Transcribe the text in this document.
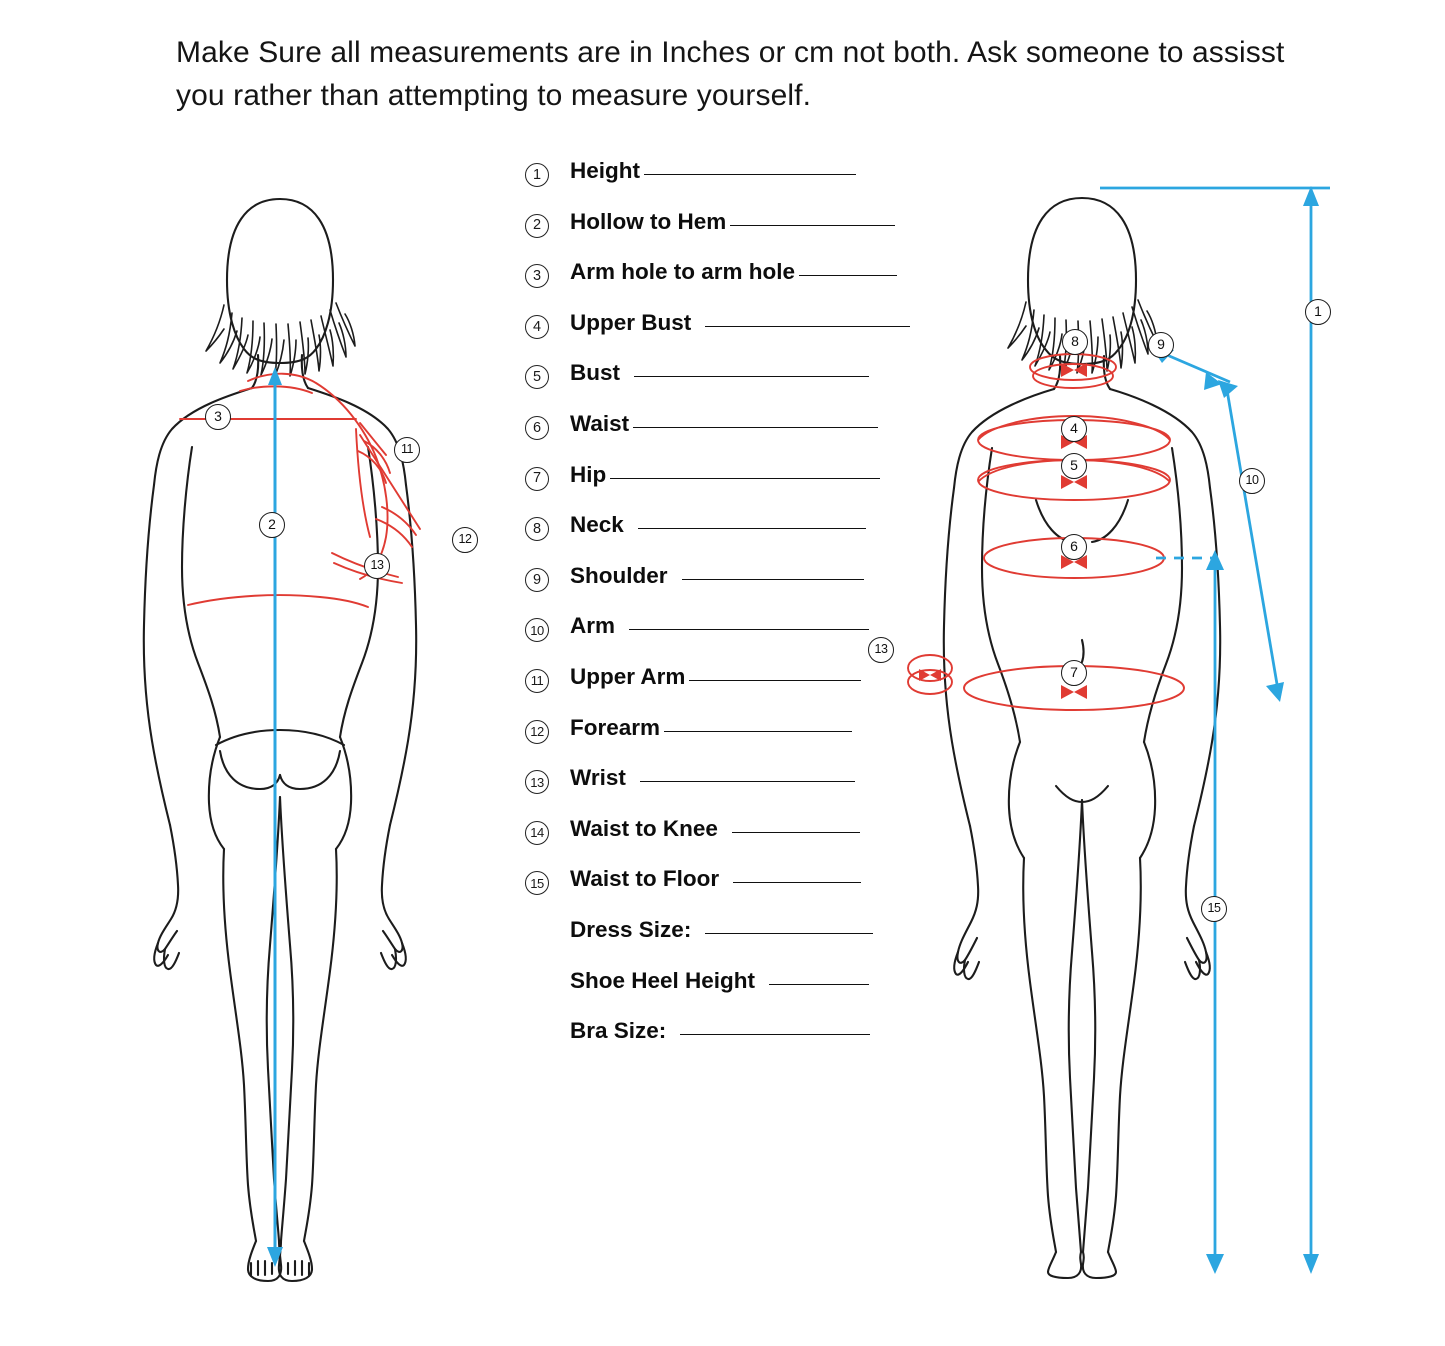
Make Sure all measurements are in Inches or cm not both. Ask someone to assisst you rather than attempting to measure yourself.
3
11
2
12
13
1	Height
2	Hollow to Hem
3	Arm hole to arm hole
4	Upper Bust
5	Bust
6	Waist
7	Hip
8	Neck
9	Shoulder
10 Arm
11 Upper Arm
12 Forearm
13 Wrist
14 Waist to Knee
15 Waist to Floor
Dress Size:
Shoe Heel Height
Bra Size:
8	9
1
4
5
10
6
13
7
15
